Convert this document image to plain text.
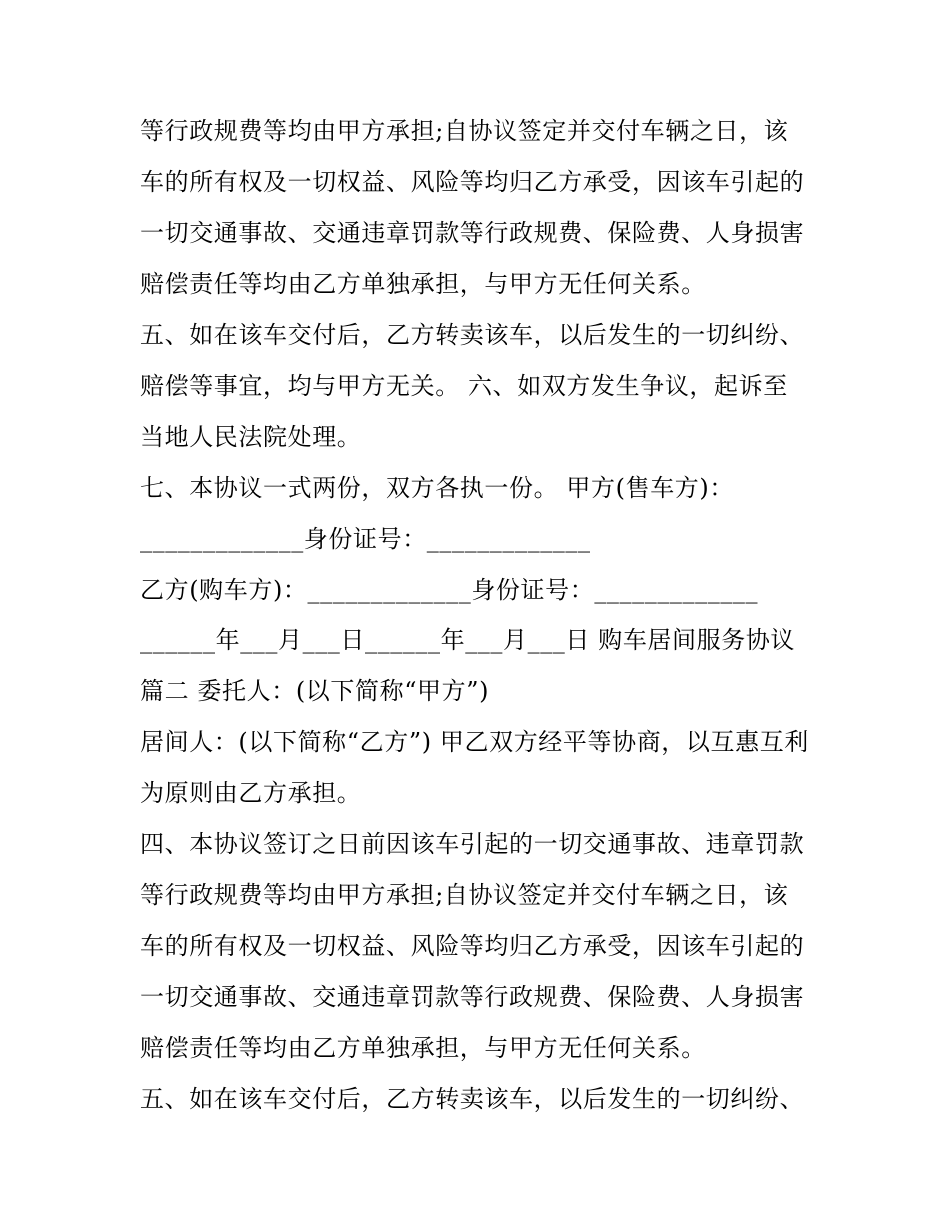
等行政规费等均由甲方承担;自协议签定并交付车辆之日，该
车的所有权及一切权益、风险等均归乙方承受，因该车引起的
一切交通事故、交通违章罚款等行政规费、保险费、人身损害
赔偿责任等均由乙方单独承担，与甲方无任何关系。
五、如在该车交付后，乙方转卖该车，以后发生的一切纠纷、
赔偿等事宜，均与甲方无关。 六、如双方发生争议，起诉至
当地人民法院处理。
七、本协议一式两份，双方各执一份。 甲方(售车方)：
_____________身份证号：_____________
乙方(购车方)：_____________身份证号：_____________
______年___月___日______年___月___日 购车居间服务协议
篇二 委托人：(以下简称“甲方”)
居间人：(以下简称“乙方”) 甲乙双方经平等协商，以互惠互利
为原则由乙方承担。
四、本协议签订之日前因该车引起的一切交通事故、违章罚款
等行政规费等均由甲方承担;自协议签定并交付车辆之日，该
车的所有权及一切权益、风险等均归乙方承受，因该车引起的
一切交通事故、交通违章罚款等行政规费、保险费、人身损害
赔偿责任等均由乙方单独承担，与甲方无任何关系。
五、如在该车交付后，乙方转卖该车，以后发生的一切纠纷、
